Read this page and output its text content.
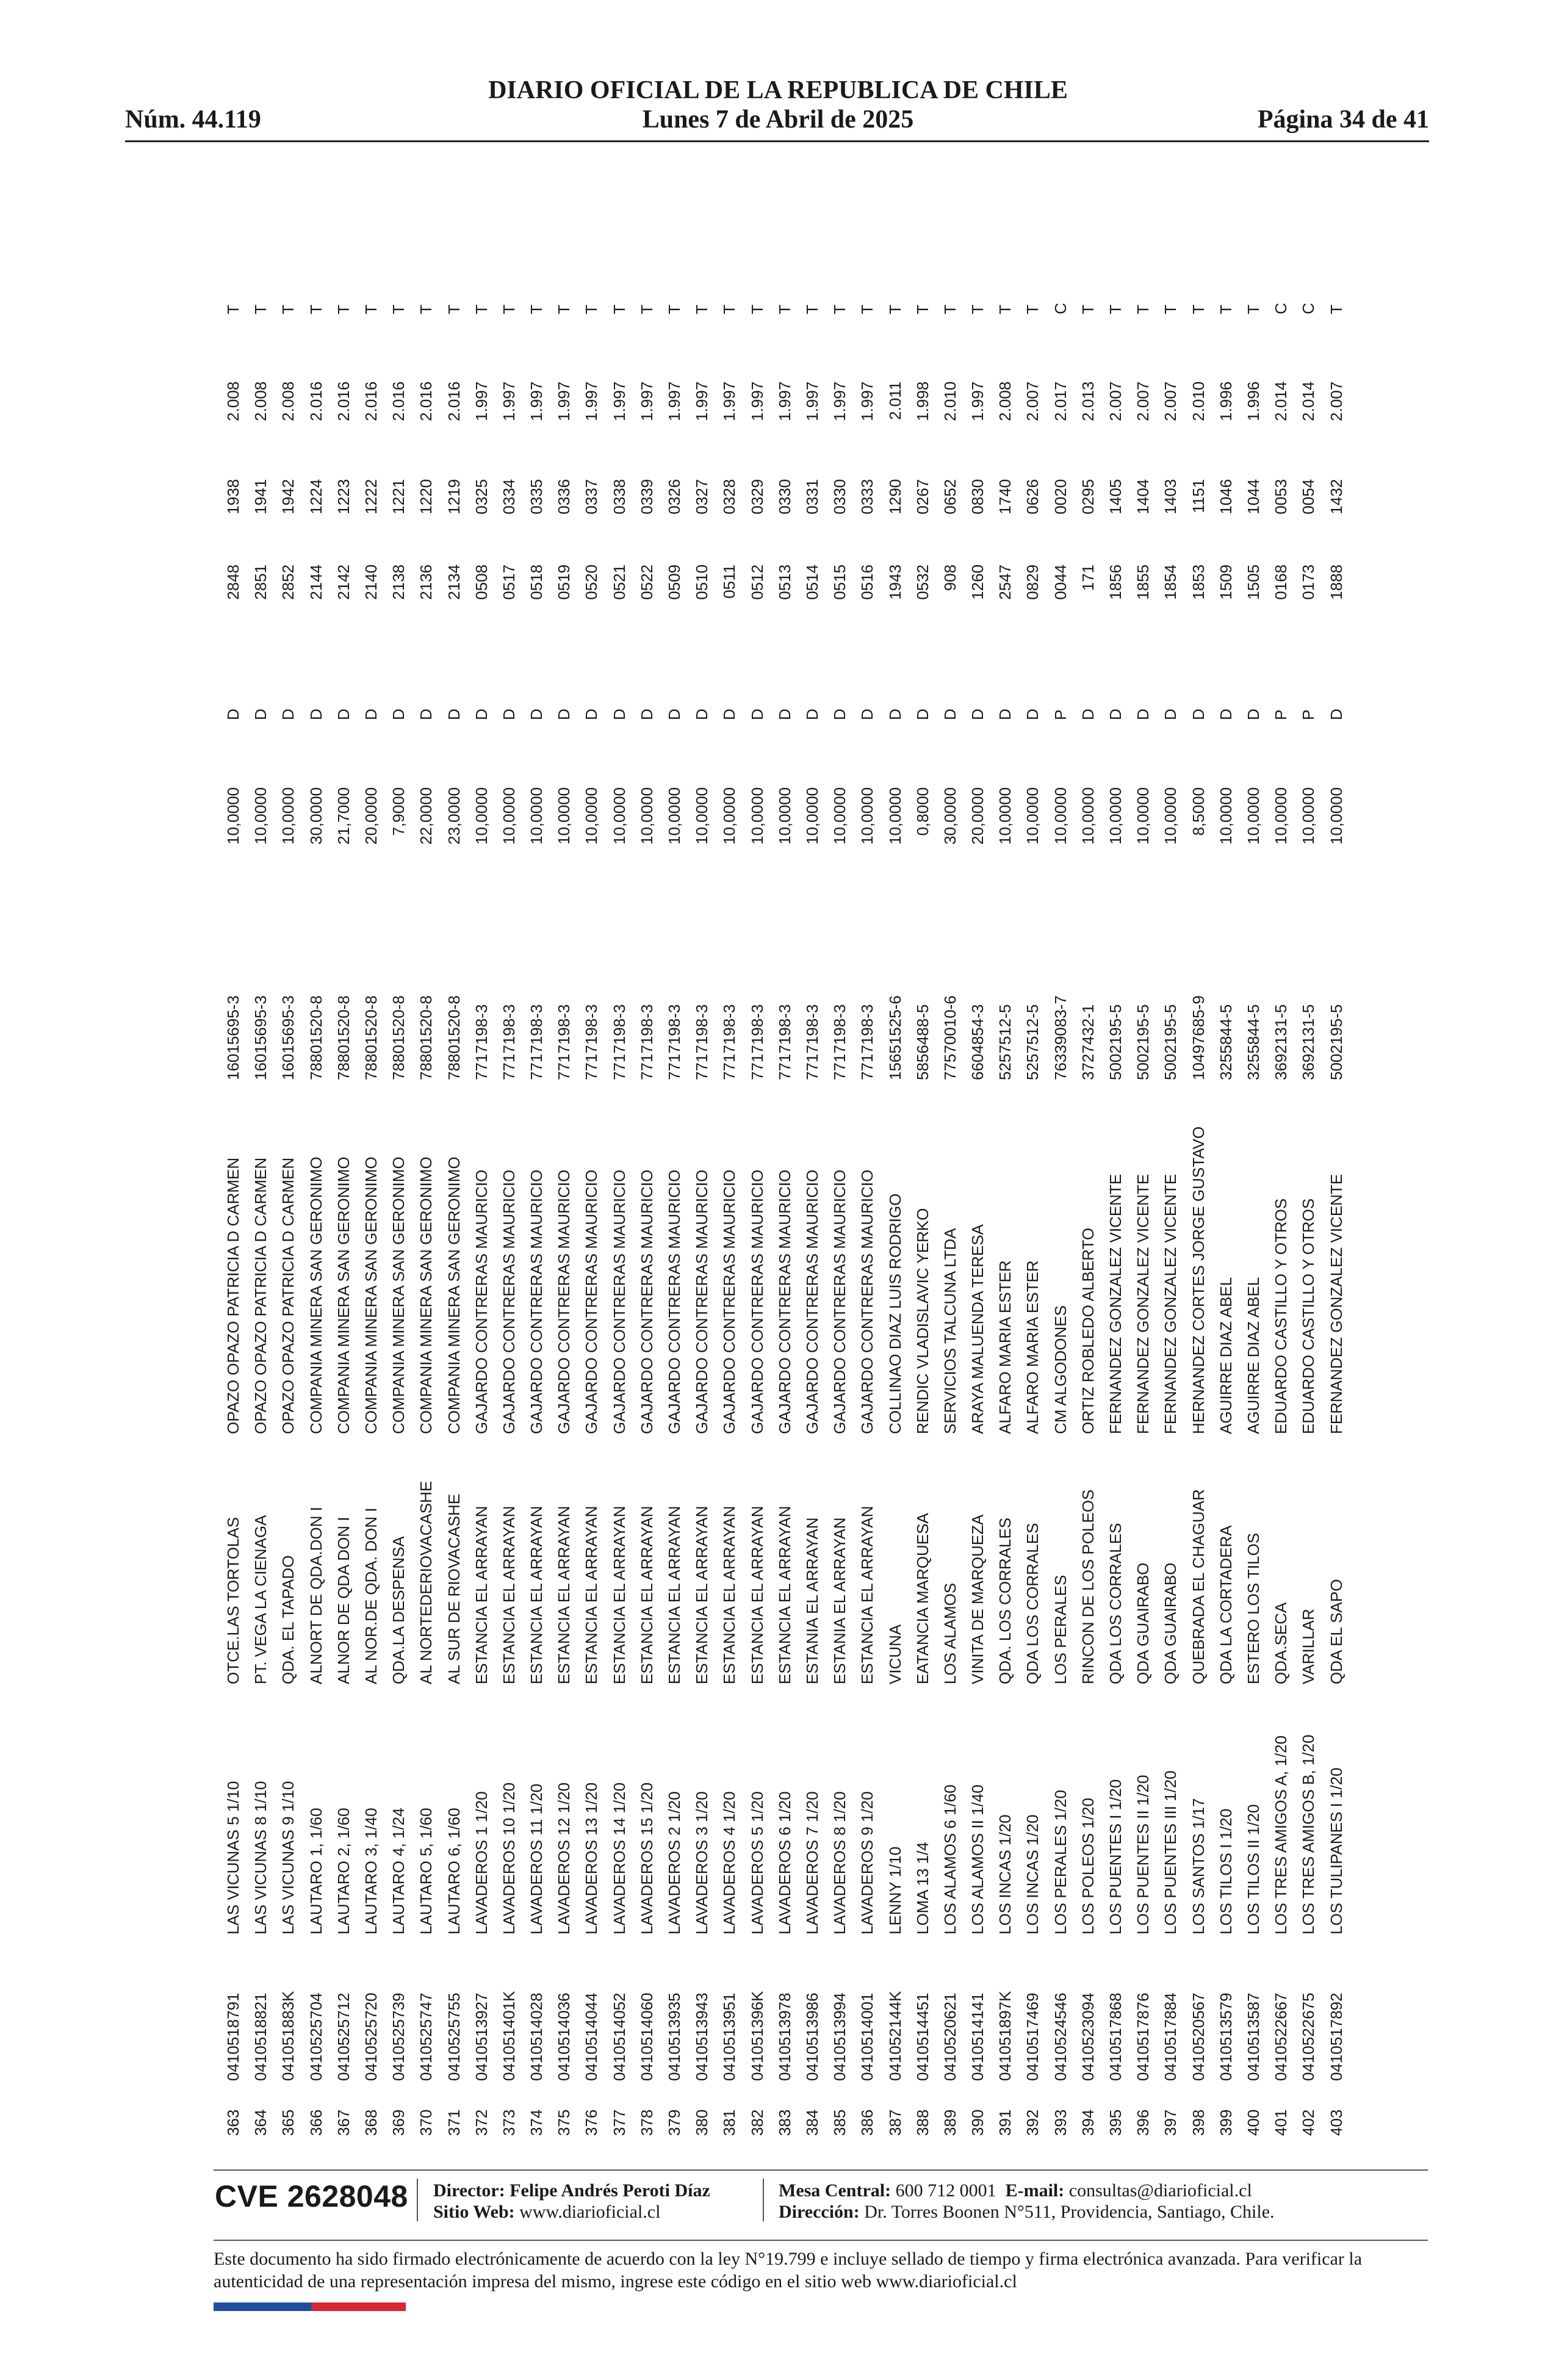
DIARIO OFICIAL DE LA REPUBLICA DE CHILE
Lunes 7 de Abril de 2025
Núm. 44.119	Página 34 de 41
363
0410518791
LAS VICUNAS 5 1/10
OTCE.LAS TORTOLAS
OPAZO OPAZO PATRICIA D CARMEN
16015695-3
10,0000
D
2848
1938
2.008
T
364
0410518821
LAS VICUNAS 8 1/10
PT. VEGA LA CIENAGA
OPAZO OPAZO PATRICIA D CARMEN
16015695-3
10,0000
D
2851
1941
2.008
T
365
041051883K
LAS VICUNAS 9 1/10
QDA. EL TAPADO
OPAZO OPAZO PATRICIA D CARMEN
16015695-3
10,0000
D
2852
1942
2.008
T
366
0410525704
LAUTARO 1, 1/60
ALNORT DE QDA.DON I
COMPANIA MINERA SAN GERONIMO
78801520-8
30,0000
D
2144
1224
2.016
T
367
0410525712
LAUTARO 2, 1/60
ALNOR DE QDA DON I
COMPANIA MINERA SAN GERONIMO
78801520-8
21,7000
D
2142
1223
2.016
T
368
0410525720
LAUTARO 3, 1/40
AL NOR.DE QDA. DON I
COMPANIA MINERA SAN GERONIMO
78801520-8
20,0000
D
2140
1222
2.016
T
369
0410525739
LAUTARO 4, 1/24
QDA.LA DESPENSA
COMPANIA MINERA SAN GERONIMO
78801520-8
7,9000
D
2138
1221
2.016
T
370
0410525747
LAUTARO 5, 1/60
AL NORTEDERIOVACASHE
COMPANIA MINERA SAN GERONIMO
78801520-8
22,0000
D
2136
1220
2.016
T
371
0410525755
LAUTARO 6, 1/60
AL SUR DE RIOVACASHE
COMPANIA MINERA SAN GERONIMO
78801520-8
23,0000
D
2134
1219
2.016
T
372
0410513927
LAVADEROS 1 1/20
ESTANCIA EL ARRAYAN
GAJARDO CONTRERAS MAURICIO
7717198-3
10,0000
D
0508
0325
1.997
T
373
041051401K
LAVADEROS 10 1/20
ESTANCIA EL ARRAYAN
GAJARDO CONTRERAS MAURICIO
7717198-3
10,0000
D
0517
0334
1.997
T
374
0410514028
LAVADEROS 11 1/20
ESTANCIA EL ARRAYAN
GAJARDO CONTRERAS MAURICIO
7717198-3
10,0000
D
0518
0335
1.997
T
375
0410514036
LAVADEROS 12 1/20
ESTANCIA EL ARRAYAN
GAJARDO CONTRERAS MAURICIO
7717198-3
10,0000
D
0519
0336
1.997
T
376
0410514044
LAVADEROS 13 1/20
ESTANCIA EL ARRAYAN
GAJARDO CONTRERAS MAURICIO
7717198-3
10,0000
D
0520
0337
1.997
T
377
0410514052
LAVADEROS 14 1/20
ESTANCIA EL ARRAYAN
GAJARDO CONTRERAS MAURICIO
7717198-3
10,0000
D
0521
0338
1.997
T
378
0410514060
LAVADEROS 15 1/20
ESTANCIA EL ARRAYAN
GAJARDO CONTRERAS MAURICIO
7717198-3
10,0000
D
0522
0339
1.997
T
379
0410513935
LAVADEROS 2 1/20
ESTANCIA EL ARRAYAN
GAJARDO CONTRERAS MAURICIO
7717198-3
10,0000
D
0509
0326
1.997
T
380
0410513943
LAVADEROS 3 1/20
ESTANCIA EL ARRAYAN
GAJARDO CONTRERAS MAURICIO
7717198-3
10,0000
D
0510
0327
1.997
T
381
0410513951
LAVADEROS 4 1/20
ESTANCIA EL ARRAYAN
GAJARDO CONTRERAS MAURICIO
7717198-3
10,0000
D
0511
0328
1.997
T
382
041051396K
LAVADEROS 5 1/20
ESTANCIA EL ARRAYAN
GAJARDO CONTRERAS MAURICIO
7717198-3
10,0000
D
0512
0329
1.997
T
383
0410513978
LAVADEROS 6 1/20
ESTANCIA EL ARRAYAN
GAJARDO CONTRERAS MAURICIO
7717198-3
10,0000
D
0513
0330
1.997
T
384
0410513986
LAVADEROS 7 1/20
ESTANIA EL ARRAYAN
GAJARDO CONTRERAS MAURICIO
7717198-3
10,0000
D
0514
0331
1.997
T
385
0410513994
LAVADEROS 8 1/20
ESTANIA EL ARRAYAN
GAJARDO CONTRERAS MAURICIO
7717198-3
10,0000
D
0515
0330
1.997
T
386
0410514001
LAVADEROS 9 1/20
ESTANCIA EL ARRAYAN
GAJARDO CONTRERAS MAURICIO
7717198-3
10,0000
D
0516
0333
1.997
T
387
041052144K
LENNY 1/10
VICUNA
COLLINAO DIAZ LUIS RODRIGO
15651525-6
10,0000
D
1943
1290
2.011
T
388
0410514451
LOMA 13 1/4
EATANCIA MARQUESA
RENDIC VLADISLAVIC YERKO
5856488-5
0,8000
D
0532
0267
1.998
T
389
0410520621
LOS ALAMOS 6 1/60
LOS ALAMOS
SERVICIOS TALCUNA LTDA
77570010-6
30,0000
D
908
0652
2.010
T
390
0410514141
LOS ALAMOS II 1/40
VINITA DE MARQUEZA
ARAYA MALUENDA TERESA
6604854-3
20,0000
D
1260
0830
1.997
T
391
041051897K
LOS INCAS 1/20
QDA. LOS CORRALES
ALFARO MARIA ESTER
5257512-5
10,0000
D
2547
1740
2.008
T
392
0410517469
LOS INCAS 1/20
QDA LOS CORRALES
ALFARO MARIA ESTER
5257512-5
10,0000
D
0829
0626
2.007
T
393
0410524546
LOS PERALES 1/20
LOS PERALES
CM ALGODONES
76339083-7
10,0000
P
0044
0020
2.017
C
394
0410523094
LOS POLEOS 1/20
RINCON DE LOS POLEOS
ORTIZ ROBLEDO ALBERTO
3727432-1
10,0000
D
171
0295
2.013
T
395
0410517868
LOS PUENTES I 1/20
QDA LOS CORRALES
FERNANDEZ GONZALEZ VICENTE
5002195-5
10,0000
D
1856
1405
2.007
T
396
0410517876
LOS PUENTES II 1/20
QDA GUAIRABO
FERNANDEZ GONZALEZ VICENTE
5002195-5
10,0000
D
1855
1404
2.007
T
397
0410517884
LOS PUENTES III 1/20
QDA GUAIRABO
FERNANDEZ GONZALEZ VICENTE
5002195-5
10,0000
D
1854
1403
2.007
T
398
0410520567
LOS SANTOS 1/17
QUEBRADA EL CHAGUAR
HERNANDEZ CORTES JORGE GUSTAVO
10497685-9
8,5000
D
1853
1151
2.010
T
399
0410513579
LOS TILOS I 1/20
QDA LA CORTADERA
AGUIRRE DIAZ ABEL
3255844-5
10,0000
D
1509
1046
1.996
T
400
0410513587
LOS TILOS II 1/20
ESTERO LOS TILOS
AGUIRRE DIAZ ABEL
3255844-5
10,0000
D
1505
1044
1.996
T
401
0410522667
LOS TRES AMIGOS A, 1/20
QDA.SECA
EDUARDO CASTILLO Y OTROS
3692131-5
10,0000
P
0168
0053
2.014
C
402
0410522675
LOS TRES AMIGOS B, 1/20
VARILLAR
EDUARDO CASTILLO Y OTROS
3692131-5
10,0000
P
0173
0054
2.014
C
403
0410517892
LOS TULIPANES I 1/20
QDA EL SAPO
FERNANDEZ GONZALEZ VICENTE
5002195-5
10,0000
D
1888
1432
2.007
T
CVE 2628048 Director: Felipe Andrés Peroti Díaz
Sitio Web: www.diarioficial.cl
Mesa Central: 600 712 0001 E-mail: consultas@diarioficial.cl
Dirección: Dr. Torres Boonen N°511, Providencia, Santiago, Chile.
Este documento ha sido firmado electrónicamente de acuerdo con la ley N°19.799 e incluye sellado de tiempo y firma electrónica avanzada. Para verificar la autenticidad de una representación impresa del mismo, ingrese este código en el sitio web www.diarioficial.cl
